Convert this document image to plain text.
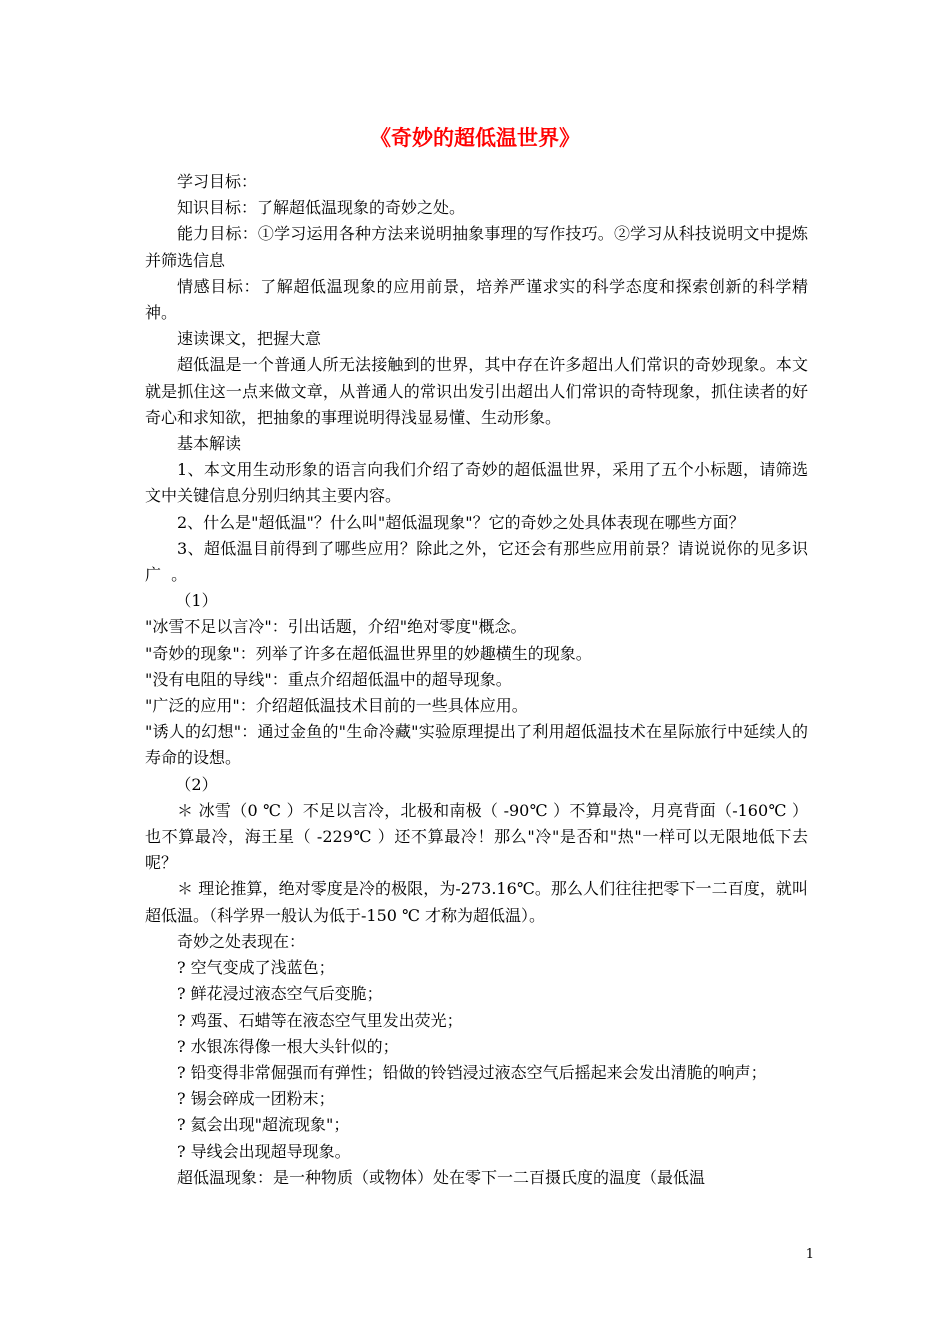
《奇妙的超低温世界》

学习目标：

知识目标：了解超低温现象的奇妙之处。

能力目标：①学习运用各种方法来说明抽象事理的写作技巧。②学习从科技说明文中提炼并筛选信息

情感目标：了解超低温现象的应用前景，培养严谨求实的科学态度和探索创新的科学精神。

速读课文，把握大意

超低温是一个普通人所无法接触到的世界，其中存在许多超出人们常识的奇妙现象。本文就是抓住这一点来做文章，从普通人的常识出发引出超出人们常识的奇特现象，抓住读者的好奇心和求知欲，把抽象的事理说明得浅显易懂、生动形象。

基本解读

1、本文用生动形象的语言向我们介绍了奇妙的超低温世界，采用了五个小标题，请筛选文中关键信息分别归纳其主要内容。

2、什么是"超低温"？什么叫"超低温现象"？它的奇妙之处具体表现在哪些方面？

3、超低温目前得到了哪些应用？除此之外，它还会有那些应用前景？请说说你的见多识广  。

（1）

"冰雪不足以言冷"：引出话题，介绍"绝对零度"概念。

"奇妙的现象"：列举了许多在超低温世界里的妙趣横生的现象。

"没有电阻的导线"：重点介绍超低温中的超导现象。

"广泛的应用"：介绍超低温技术目前的一些具体应用。

"诱人的幻想"：通过金鱼的"生命冷藏"实验原理提出了利用超低温技术在星际旅行中延续人的寿命的设想。

（2）

＊ 冰雪（0 ℃ ）不足以言冷，北极和南极（ -90℃ ）不算最冷，月亮背面（-160℃ ）也不算最冷，海王星（ -229℃ ）还不算最冷！那么"冷"是否和"热"一样可以无限地低下去呢？

＊ 理论推算，绝对零度是冷的极限，为-273.16℃。那么人们往往把零下一二百度，就叫超低温。（科学界一般认为低于-150 ℃ 才称为超低温）。

奇妙之处表现在：

? 空气变成了浅蓝色；

? 鲜花浸过液态空气后变脆；

? 鸡蛋、石蜡等在液态空气里发出荧光；

? 水银冻得像一根大头针似的；

? 铅变得非常倔强而有弹性；铅做的铃铛浸过液态空气后摇起来会发出清脆的响声；

? 锡会碎成一团粉末；

? 氦会出现"超流现象"；

? 导线会出现超导现象。

超低温现象：是一种物质（或物体）处在零下一二百摄氏度的温度（最低温

1
